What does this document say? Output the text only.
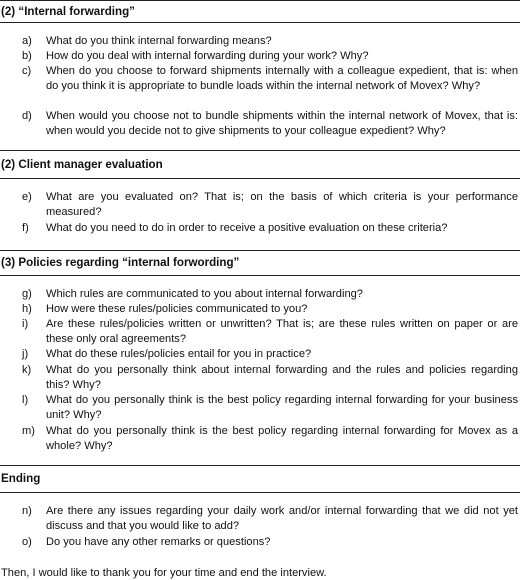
(2) “Internal forwarding”
a)	What do you think internal forwarding means?
b)	How do you deal with internal forwarding during your work? Why?
c)	When do you choose to forward shipments internally with a colleague expedient, that is: when do you think it is appropriate to bundle loads within the internal network of Movex? Why?
d)	When would you choose not to bundle shipments within the internal network of Movex, that is: when would you decide not to give shipments to your colleague expedient? Why?
(2) Client manager evaluation
e)	What are you evaluated on? That is; on the basis of which criteria is your performance measured?
f)	What do you need to do in order to receive a positive evaluation on these criteria?
(3) Policies regarding “internal forwording”
g)	Which rules are communicated to you about internal forwarding?
h)	How were these rules/policies communicated to you?
i)	Are these rules/policies written or unwritten? That is; are these rules written on paper or are these only oral agreements?
j)	What do these rules/policies entail for you in practice?
k)	What do you personally think about internal forwarding and the rules and policies regarding this? Why?
l)	What do you personally think is the best policy regarding internal forwarding for your business unit? Why?
m) What do you personally think is the best policy regarding internal forwarding for Movex as a whole? Why?
Ending
n)	Are there any issues regarding your daily work and/or internal forwarding that we did not yet discuss and that you would like to add?
o)	Do you have any other remarks or questions?
Then, I would like to thank you for your time and end the interview.
